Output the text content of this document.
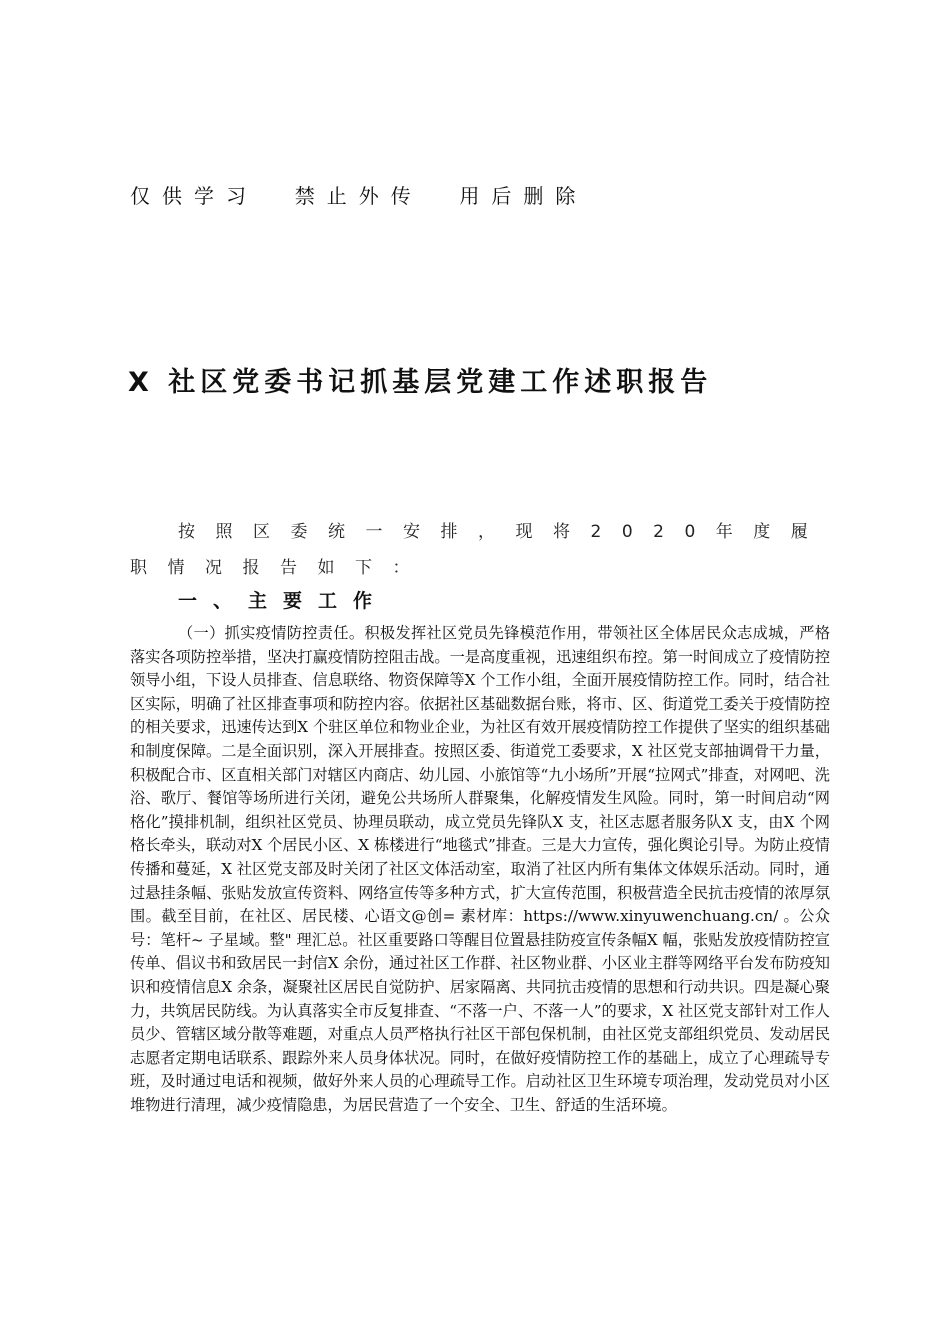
仅供学习  禁止外传  用后删除
X 社区党委书记抓基层党建工作述职报告

按照区委统一安排，现将2020年度履职情况报告如下：

一、主要工作

（一）抓实疫情防控责任。积极发挥社区党员先锋模范作用，带领社区全体居民众志成城，严格落实各项防控举措，坚决打赢疫情防控阻击战。一是高度重视，迅速组织布控。第一时间成立了疫情防控领导小组，下设人员排查、信息联络、物资保障等X 个工作小组，全面开展疫情防控工作。同时，结合社区实际，明确了社区排查事项和防控内容。依据社区基础数据台账，将市、区、街道党工委关于疫情防控的相关要求，迅速传达到X 个驻区单位和物业企业，为社区有效开展疫情防控工作提供了坚实的组织基础和制度保障。二是全面识别，深入开展排查。按照区委、街道党工委要求，X 社区党支部抽调骨干力量，积极配合市、区直相关部门对辖区内商店、幼儿园、小旅馆等“九小场所”开展“拉网式”排查，对网吧、洗浴、歌厅、餐馆等场所进行关闭，避免公共场所人群聚集，化解疫情发生风险。同时，第一时间启动“网格化”摸排机制，组织社区党员、协理员联动，成立党员先锋队X 支，社区志愿者服务队X 支，由X 个网格长牵头，联动对X 个居民小区、X 栋楼进行“地毯式”排查。三是大力宣传，强化舆论引导。为防止疫情传播和蔓延，X 社区党支部及时关闭了社区文体活动室，取消了社区内所有集体文体娱乐活动。同时，通过悬挂条幅、张贴发放宣传资料、网络宣传等多种方式，扩大宣传范围，积极营造全民抗击疫情的浓厚氛围。截至目前，在社区、居民楼、心语文@创= 素材库：https://www.xinyuwenchuang.cn/ 。公众号：笔杆~ 子星域。整" 理汇总。社区重要路口等醒目位置悬挂防疫宣传条幅X 幅，张贴发放疫情防控宣传单、倡议书和致居民一封信X 余份，通过社区工作群、社区物业群、小区业主群等网络平台发布防疫知识和疫情信息X 余条，凝聚社区居民自觉防护、居家隔离、共同抗击疫情的思想和行动共识。四是凝心聚力，共筑居民防线。为认真落实全市反复排查、“不落一户、不落一人”的要求，X 社区党支部针对工作人员少、管辖区域分散等难题，对重点人员严格执行社区干部包保机制，由社区党支部组织党员、发动居民志愿者定期电话联系、跟踪外来人员身体状况。同时，在做好疫情防控工作的基础上，成立了心理疏导专班，及时通过电话和视频，做好外来人员的心理疏导工作。启动社区卫生环境专项治理，发动党员对小区堆物进行清理，减少疫情隐患，为居民营造了一个安全、卫生、舒适的生活环境。
